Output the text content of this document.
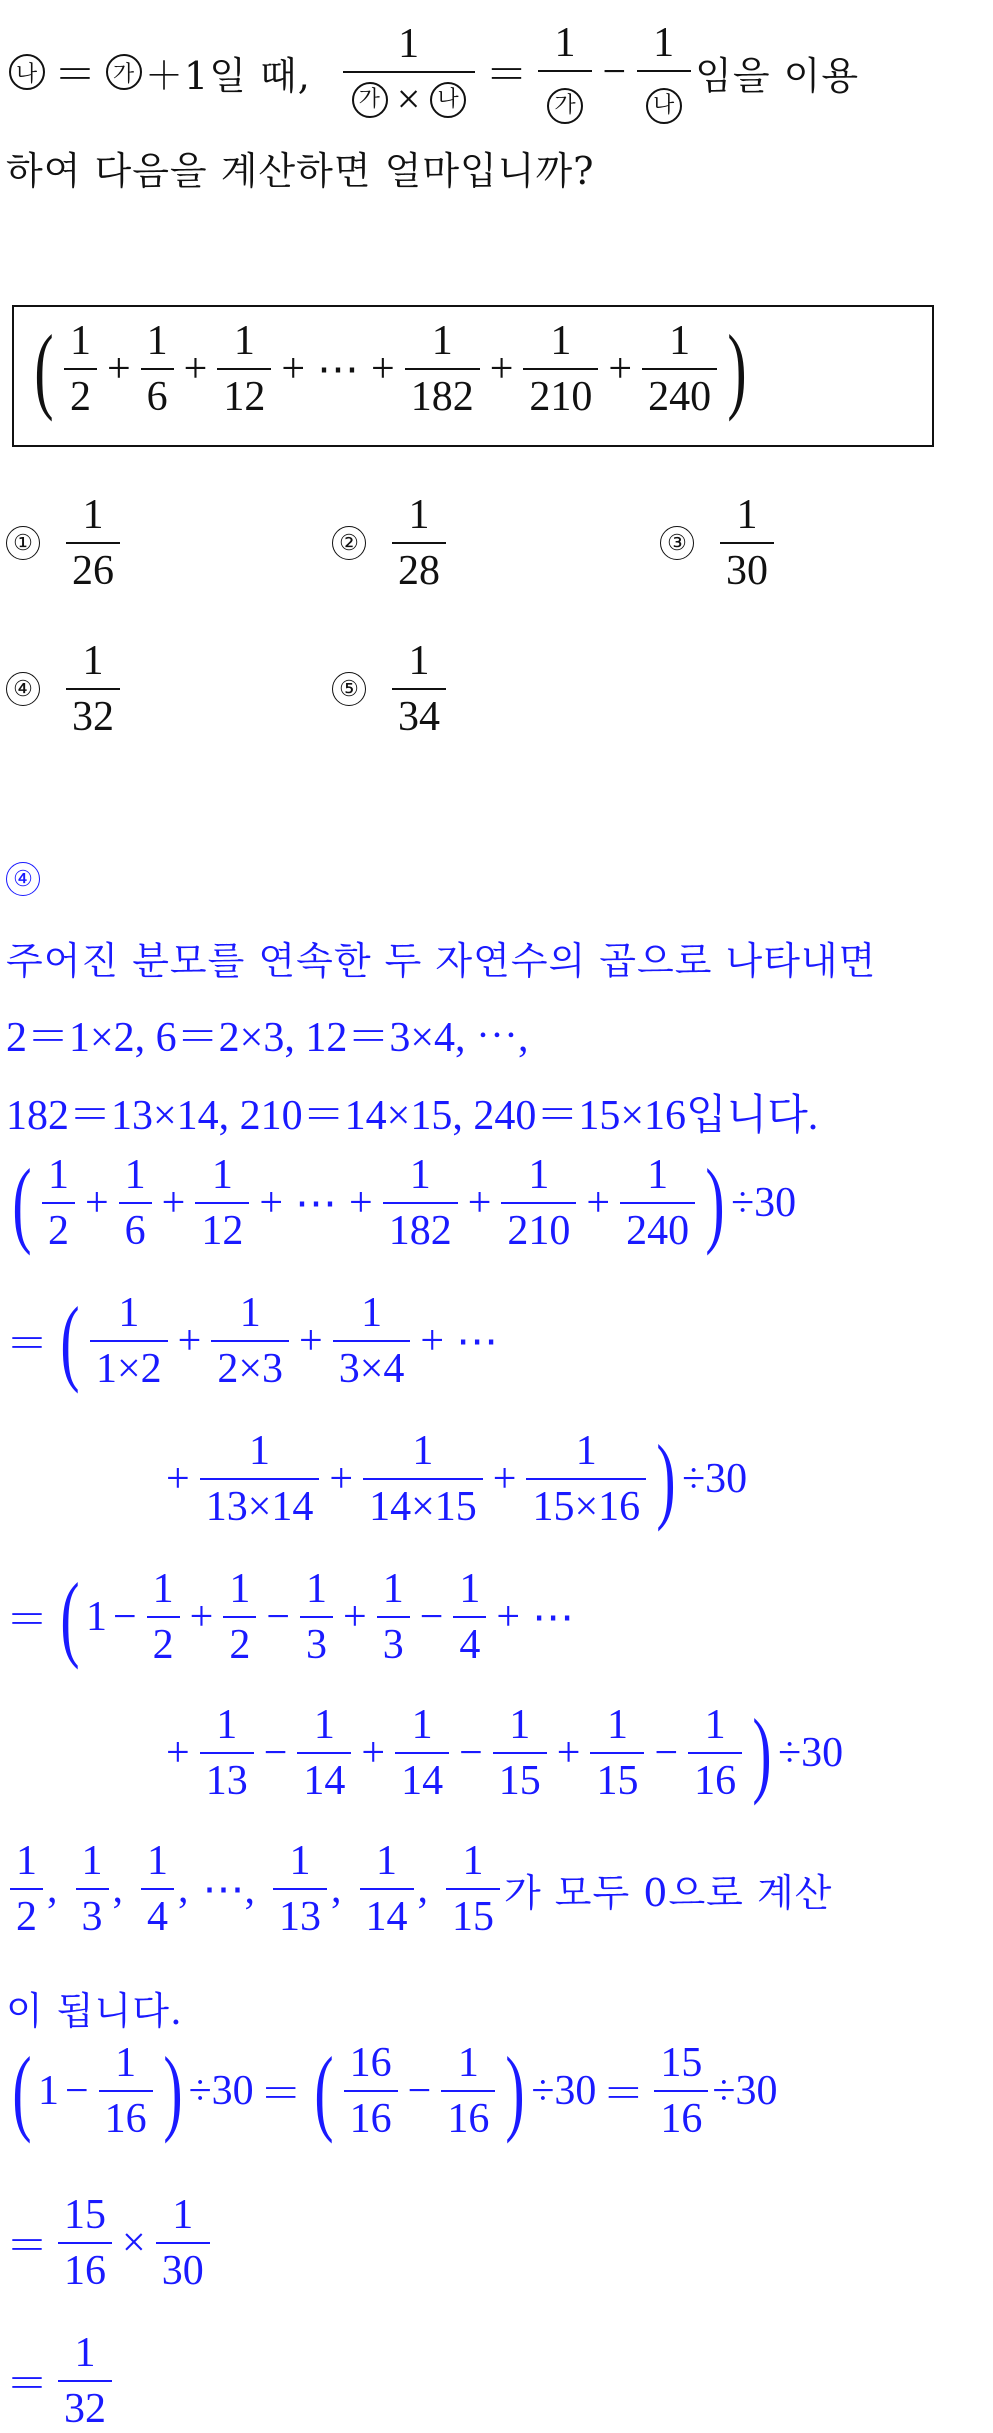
나 ＝ 가 ＋1일 때, $\frac{1}{\text{가 × 나}} = \frac{1}{\text{가}} - \frac{1}{\text{나}}$ 임을 이용
하여 다음을 계산하면 얼마입니까?
( $\frac{1}{2} + \frac{1}{6} + \frac{1}{12}$ + ⋯ + $\frac{1}{182} + \frac{1}{210} + \frac{1}{240}$ )
① $\frac{1}{26}$	② $\frac{1}{28}$	③ $\frac{1}{30}$
④ $\frac{1}{32}$	⑤ $\frac{1}{34}$
④
주어진 분모를 연속한 두 자연수의 곱으로 나타내면
2＝1×2, 6＝2×3, 12＝3×4, ⋯,
182＝13×14, 210＝14×15, 240＝15×16입니다.
( $\frac{1}{2} + \frac{1}{6} + \frac{1}{12}$ + ⋯ + $\frac{1}{182} + \frac{1}{210} + \frac{1}{240}$ ) ÷30
＝ ( $\frac{1}{1\times 2} + \frac{1}{2\times 3} + \frac{1}{3\times 4}$ + ⋯
+ $\frac{1}{13\times 14} + \frac{1}{14\times 15} + \frac{1}{15\times 16}$ ) ÷30
＝ ( $1 - \frac{1}{2} + \frac{1}{2} - \frac{1}{3} + \frac{1}{3} - \frac{1}{4}$ + ⋯
+ $\frac{1}{13} - \frac{1}{14} + \frac{1}{14} - \frac{1}{15} + \frac{1}{15} - \frac{1}{16}$ ) ÷30
$\frac{1}{2}$ , $\frac{1}{3}$ , $\frac{1}{4}$ , ⋯, $\frac{1}{13}$ , $\frac{1}{14}$ , $\frac{1}{15}$ 가 모두 0으로 계산
이 됩니다.
( $1 - \frac{1}{16}$ ) ÷30 ＝ ( $\frac{16}{16} - \frac{1}{16}$ ) $\div 30 = \frac{15}{16} \div 30$
＝ $\frac{15}{16} \times \frac{1}{30}$
＝ $\frac{1}{32}$
